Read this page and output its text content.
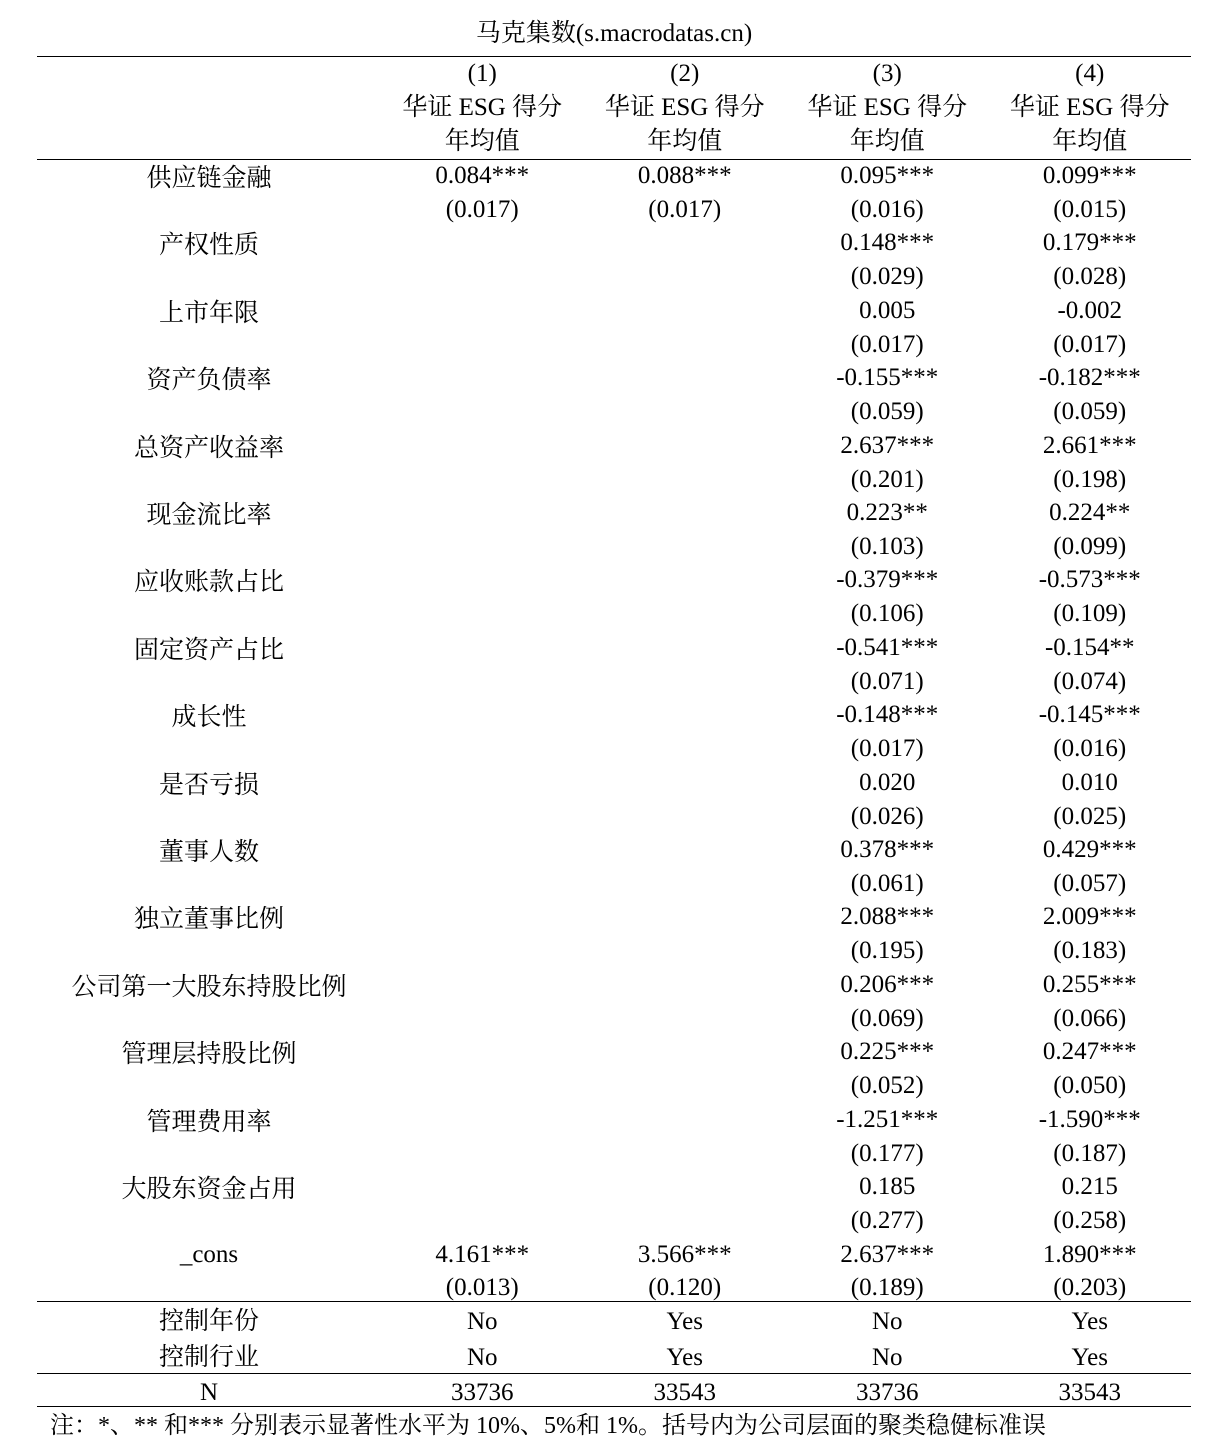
马克集数(s.macrodatas.cn)
	(1)	(2)	(3)	(4)
	华证 ESG 得分	华证 ESG 得分	华证 ESG 得分	华证 ESG 得分
	年均值	年均值	年均值	年均值
供应链金融	0.084***	0.088***	0.095***	0.099***
	(0.017)	(0.017)	(0.016)	(0.015)
产权性质			0.148***	0.179***
			(0.029)	(0.028)
上市年限			0.005	-0.002
			(0.017)	(0.017)
资产负债率			-0.155***	-0.182***
			(0.059)	(0.059)
总资产收益率			2.637***	2.661***
			(0.201)	(0.198)
现金流比率			0.223**	0.224**
			(0.103)	(0.099)
应收账款占比			-0.379***	-0.573***
			(0.106)	(0.109)
固定资产占比			-0.541***	-0.154**
			(0.071)	(0.074)
成长性			-0.148***	-0.145***
			(0.017)	(0.016)
是否亏损			0.020	0.010
			(0.026)	(0.025)
董事人数			0.378***	0.429***
			(0.061)	(0.057)
独立董事比例			2.088***	2.009***
			(0.195)	(0.183)
公司第一大股东持股比例			0.206***	0.255***
			(0.069)	(0.066)
管理层持股比例			0.225***	0.247***
			(0.052)	(0.050)
管理费用率			-1.251***	-1.590***
			(0.177)	(0.187)
大股东资金占用			0.185	0.215
			(0.277)	(0.258)
_cons	4.161***	3.566***	2.637***	1.890***
	(0.013)	(0.120)	(0.189)	(0.203)
控制年份	No	Yes	No	Yes
控制行业	No	Yes	No	Yes
N	33736	33543	33736	33543
注：*、** 和*** 分别表示显著性水平为 10%、5%和 1%。括号内为公司层面的聚类稳健标准误
